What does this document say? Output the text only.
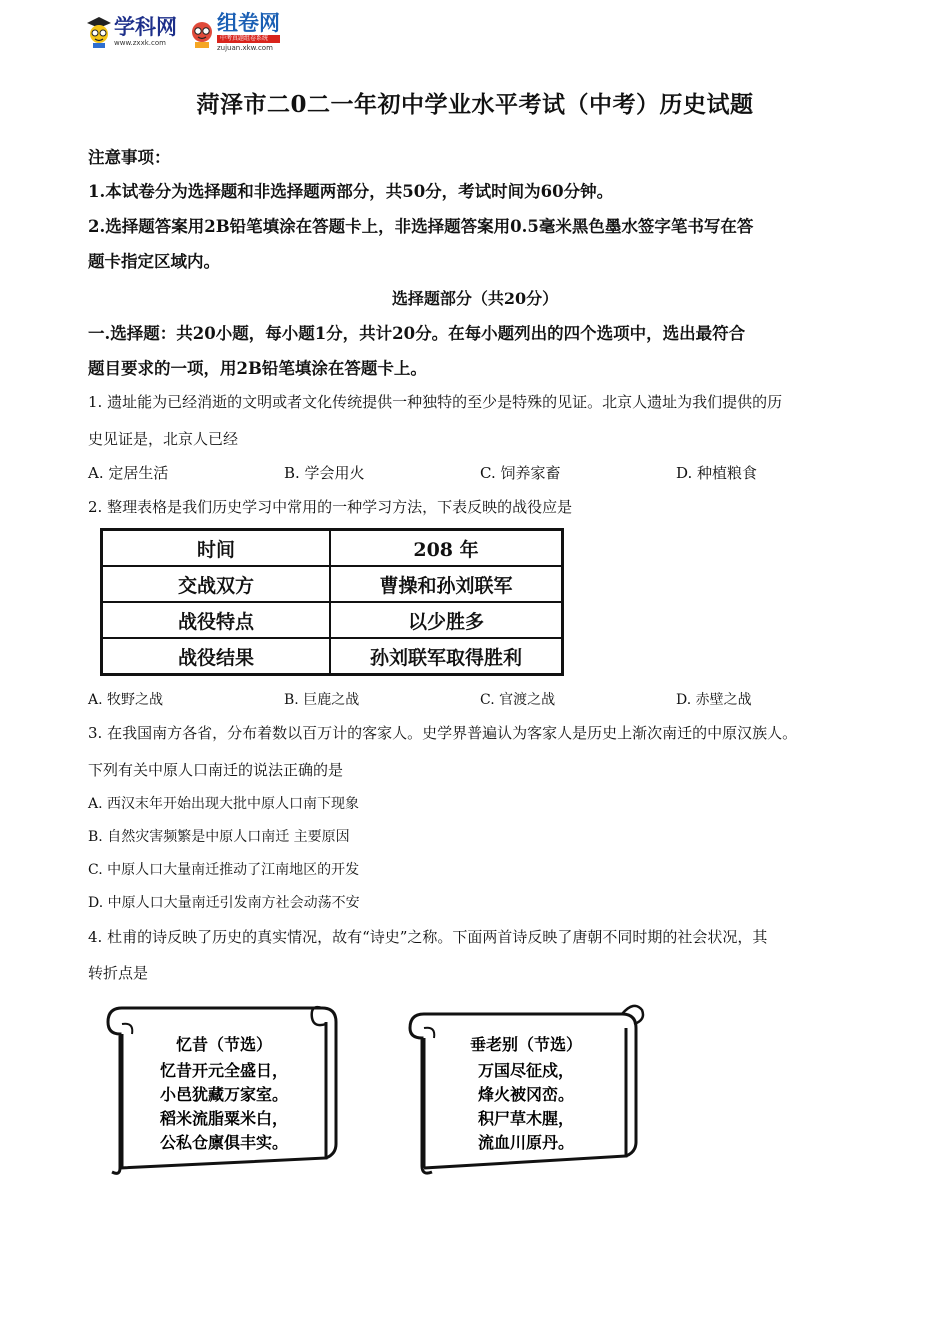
学科网
www.zxxk.com
组卷网
中考真题组卷系统
zujuan.xkw.com
菏泽市二0二一年初中学业水平考试（中考）历史试题
注意事项：
1.本试卷分为选择题和非选择题两部分，共50分，考试时间为60分钟。
2.选择题答案用2B铅笔填涂在答题卡上，非选择题答案用0.5毫米黑色墨水签字笔书写在答
题卡指定区域内。
选择题部分（共20分）
一.选择题：共20小题，每小题1分，共计20分。在每小题列出的四个选项中，选出最符合
题目要求的一项，用2B铅笔填涂在答题卡上。
1. 遗址能为已经消逝的文明或者文化传统提供一种独特的至少是特殊的见证。北京人遗址为我们提供的历
史见证是，北京人已经
A. 定居生活	B. 学会用火	C. 饲养家畜	D. 种植粮食
2. 整理表格是我们历史学习中常用的一种学习方法，下表反映的战役应是
时间	208 年
交战双方	曹操和孙刘联军
战役特点	以少胜多
战役结果	孙刘联军取得胜利
A. 牧野之战	B. 巨鹿之战	C. 官渡之战	D. 赤壁之战
3. 在我国南方各省，分布着数以百万计的客家人。史学界普遍认为客家人是历史上渐次南迁的中原汉族人。
下列有关中原人口南迁的说法正确的是
A. 西汉末年开始出现大批中原人口南下现象
B. 自然灾害频繁是中原人口南迁 主要原因
C. 中原人口大量南迁推动了江南地区的开发
D. 中原人口大量南迁引发南方社会动荡不安
4. 杜甫的诗反映了历史的真实情况，故有“诗史”之称。下面两首诗反映了唐朝不同时期的社会状况，其
转折点是
忆昔（节选）
忆昔开元全盛日，
小邑犹藏万家室。
稻米流脂粟米白，
公私仓廪俱丰实。
垂老别（节选）
万国尽征戍，
烽火被冈峦。
积尸草木腥，
流血川原丹。
